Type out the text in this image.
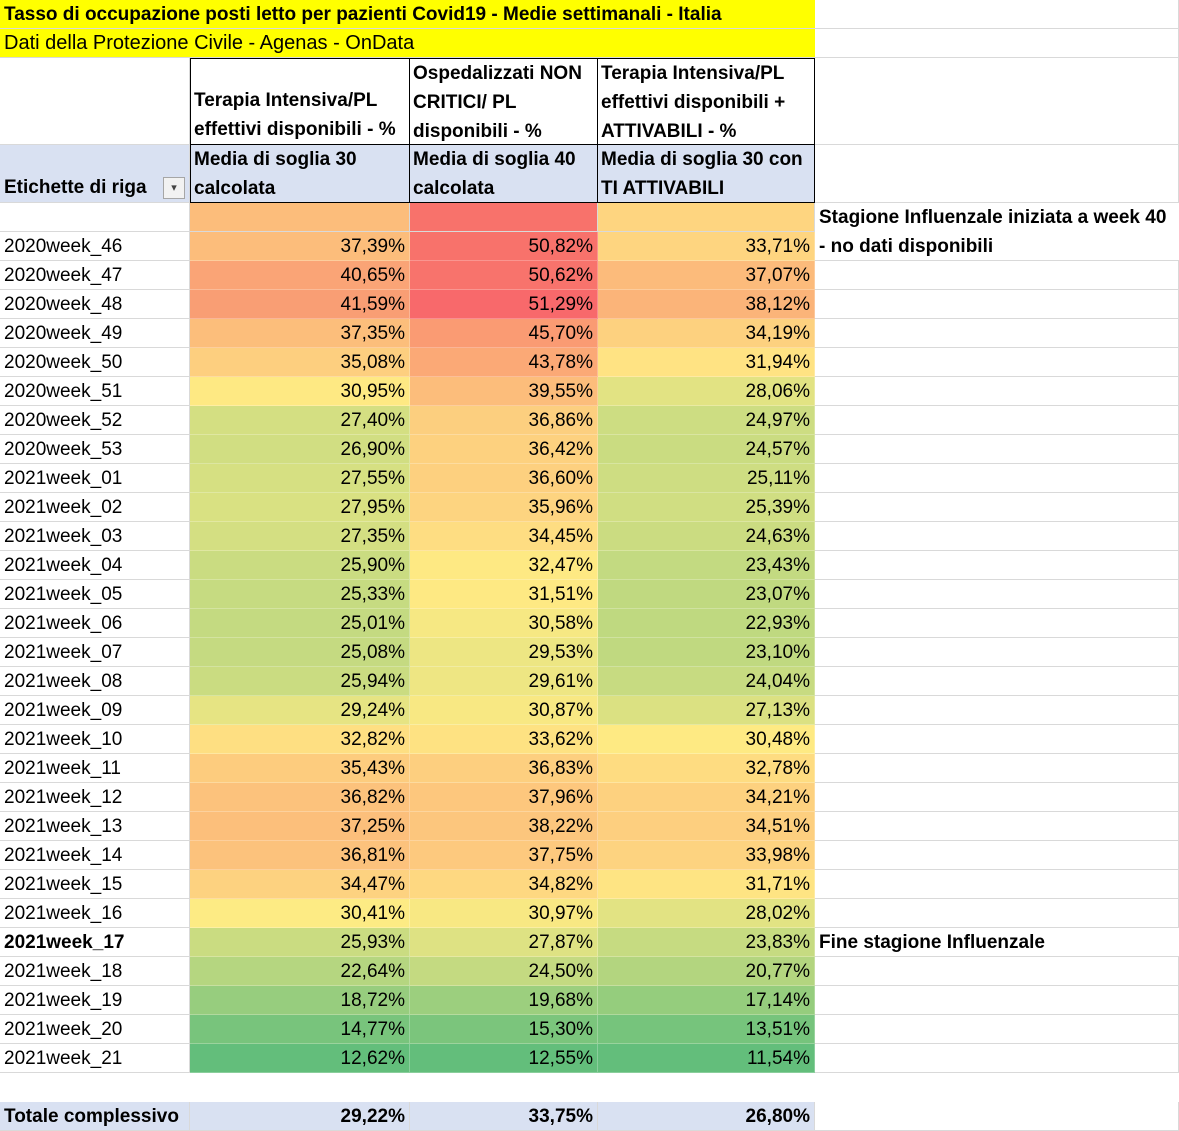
Tasso di occupazione posti letto per pazienti Covid19 - Medie settimanali - Italia
Dati della Protezione Civile - Agenas - OnData
Terapia Intensiva/PL effettivi disponibili - %
Ospedalizzati NON CRITICI/ PL disponibili - %
Terapia Intensiva/PL effettivi disponibili + ATTIVABILI - %
Etichette di riga	▾
Media di soglia 30 calcolata
Media di soglia 40 calcolata
Media di soglia 30 con TI ATTIVABILI
Stagione Influenzale iniziata a week 40 - no dati disponibili
2020week_46	37,39%	50,82%	33,71%
2020week_47	40,65%	50,62%	37,07%
2020week_48	41,59%	51,29%	38,12%
2020week_49	37,35%	45,70%	34,19%
2020week_50	35,08%	43,78%	31,94%
2020week_51	30,95%	39,55%	28,06%
2020week_52	27,40%	36,86%	24,97%
2020week_53	26,90%	36,42%	24,57%
2021week_01	27,55%	36,60%	25,11%
2021week_02	27,95%	35,96%	25,39%
2021week_03	27,35%	34,45%	24,63%
2021week_04	25,90%	32,47%	23,43%
2021week_05	25,33%	31,51%	23,07%
2021week_06	25,01%	30,58%	22,93%
2021week_07	25,08%	29,53%	23,10%
2021week_08	25,94%	29,61%	24,04%
2021week_09	29,24%	30,87%	27,13%
2021week_10	32,82%	33,62%	30,48%
2021week_11	35,43%	36,83%	32,78%
2021week_12	36,82%	37,96%	34,21%
2021week_13	37,25%	38,22%	34,51%
2021week_14	36,81%	37,75%	33,98%
2021week_15	34,47%	34,82%	31,71%
2021week_16	30,41%	30,97%	28,02%
2021week_17	25,93%	27,87%	23,83% Fine stagione Influenzale
2021week_18	22,64%	24,50%	20,77%
2021week_19	18,72%	19,68%	17,14%
2021week_20	14,77%	15,30%	13,51%
2021week_21	12,62%	12,55%	11,54%
Totale complessivo	29,22%	33,75%	26,80%
